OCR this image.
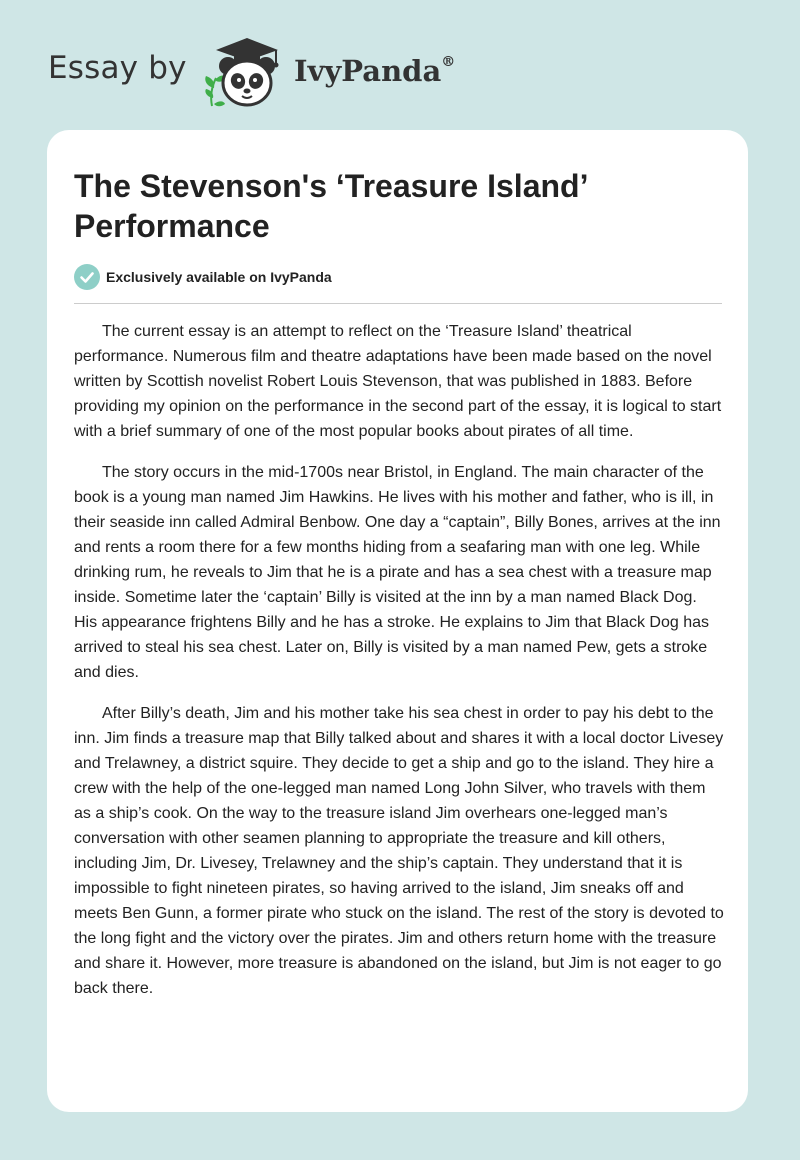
Essay by	IvyPanda®
The Stevenson's ‘Treasure Island’ Performance
Exclusively available on IvyPanda

The current essay is an attempt to reflect on the ‘Treasure Island’ theatrical performance. Numerous film and theatre adaptations have been made based on the novel written by Scottish novelist Robert Louis Stevenson, that was published in 1883. Before providing my opinion on the performance in the second part of the essay, it is logical to start with a brief summary of one of the most popular books about pirates of all time.

The story occurs in the mid-1700s near Bristol, in England. The main character of the book is a young man named Jim Hawkins. He lives with his mother and father, who is ill, in their seaside inn called Admiral Benbow. One day a “captain”, Billy Bones, arrives at the inn and rents a room there for a few months hiding from a seafaring man with one leg. While drinking rum, he reveals to Jim that he is a pirate and has a sea chest with a treasure map inside. Sometime later the ‘captain’ Billy is visited at the inn by a man named Black Dog. His appearance frightens Billy and he has a stroke. He explains to Jim that Black Dog has arrived to steal his sea chest. Later on, Billy is visited by a man named Pew, gets a stroke and dies.

After Billy’s death, Jim and his mother take his sea chest in order to pay his debt to the inn. Jim finds a treasure map that Billy talked about and shares it with a local doctor Livesey and Trelawney, a district squire. They decide to get a ship and go to the island. They hire a crew with the help of the one-legged man named Long John Silver, who travels with them as a ship’s cook. On the way to the treasure island Jim overhears one-legged man’s conversation with other seamen planning to appropriate the treasure and kill others, including Jim, Dr. Livesey, Trelawney and the ship’s captain. They understand that it is impossible to fight nineteen pirates, so having arrived to the island, Jim sneaks off and meets Ben Gunn, a former pirate who stuck on the island. The rest of the story is devoted to the long fight and the victory over the pirates. Jim and others return home with the treasure and share it. However, more treasure is abandoned on the island, but Jim is not eager to go back there.
